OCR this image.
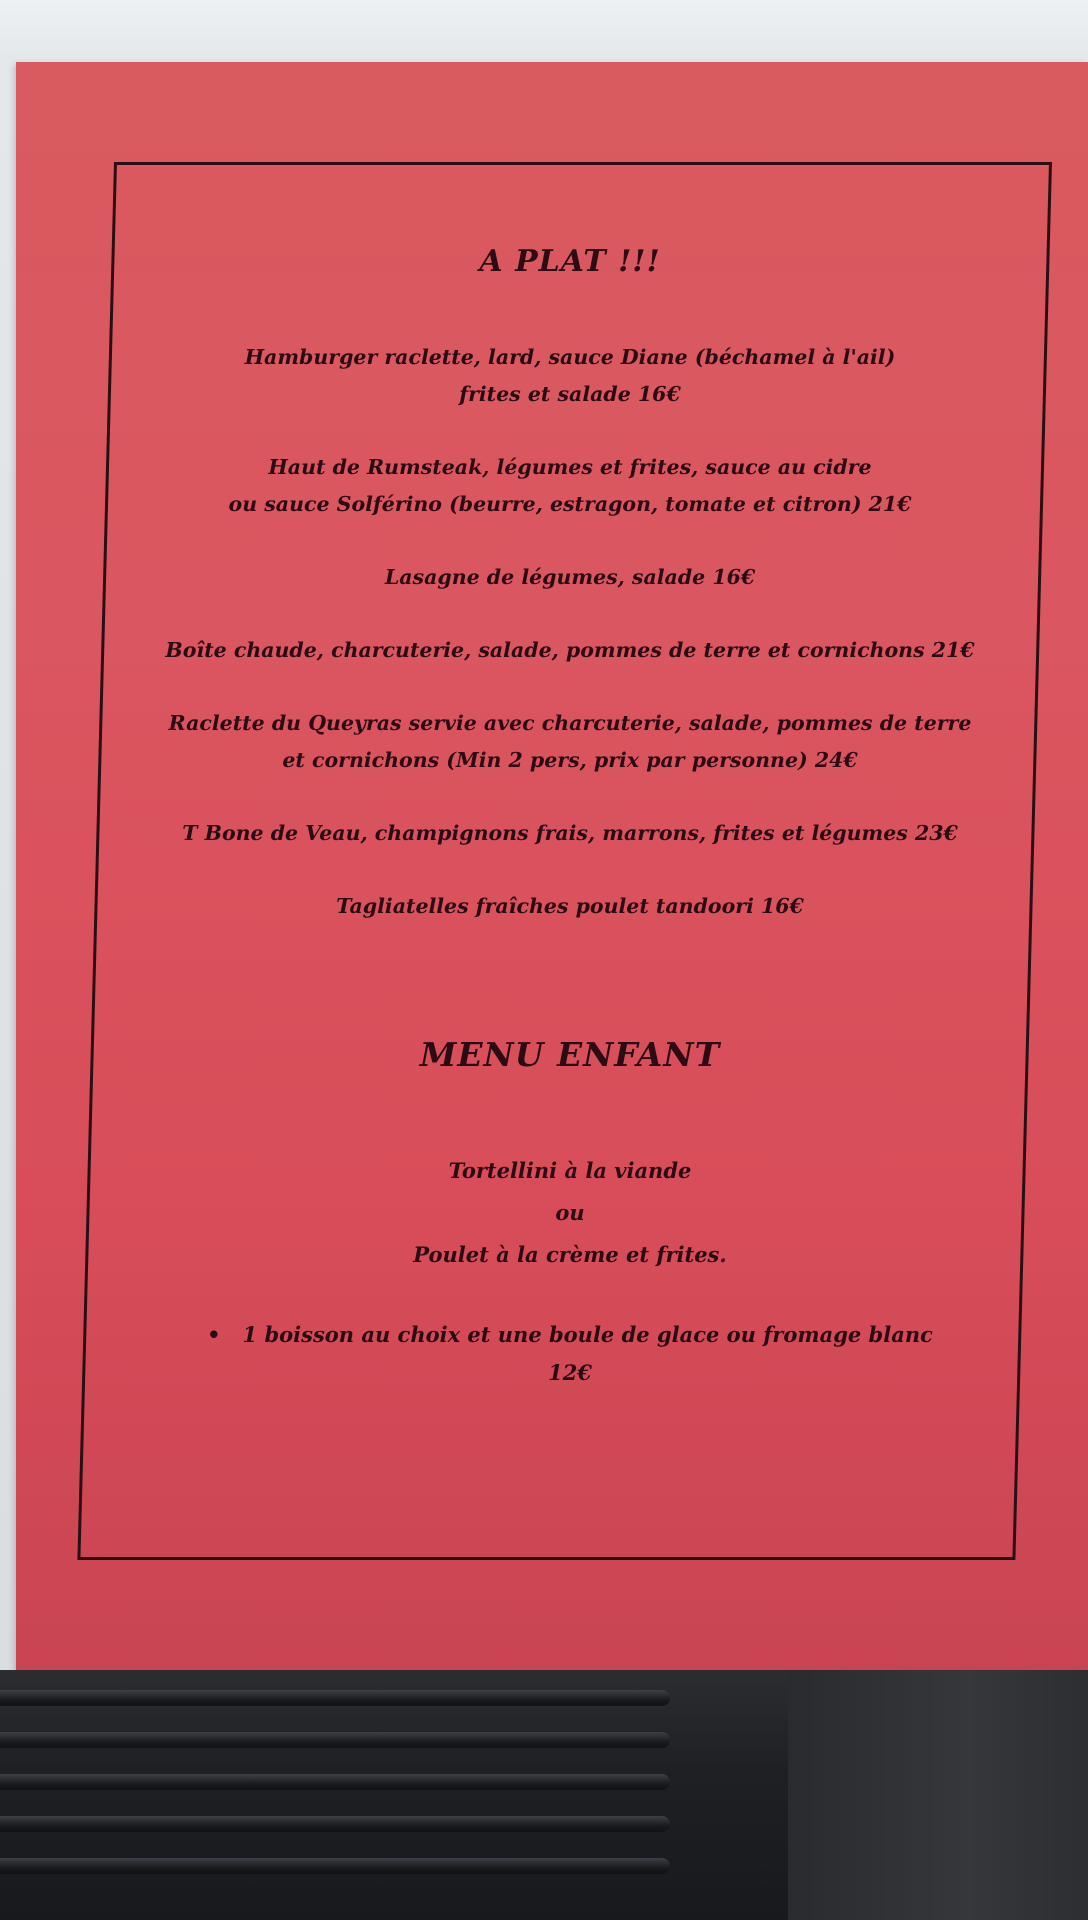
A PLAT !!!
Hamburger raclette, lard, sauce Diane (béchamel à l'ail)
frites et salade 16€
Haut de Rumsteak, légumes et frites, sauce au cidre
ou sauce Solférino (beurre, estragon, tomate et citron) 21€
Lasagne de légumes, salade 16€
Boîte chaude, charcuterie, salade, pommes de terre et cornichons 21€
Raclette du Queyras servie avec charcuterie, salade, pommes de terre
et cornichons (Min 2 pers, prix par personne) 24€
T Bone de Veau, champignons frais, marrons, frites et légumes 23€
Tagliatelles fraîches poulet tandoori 16€
MENU ENFANT
Tortellini à la viande
ou
Poulet à la crème et frites.
• 1 boisson au choix et une boule de glace ou fromage blanc
12€
